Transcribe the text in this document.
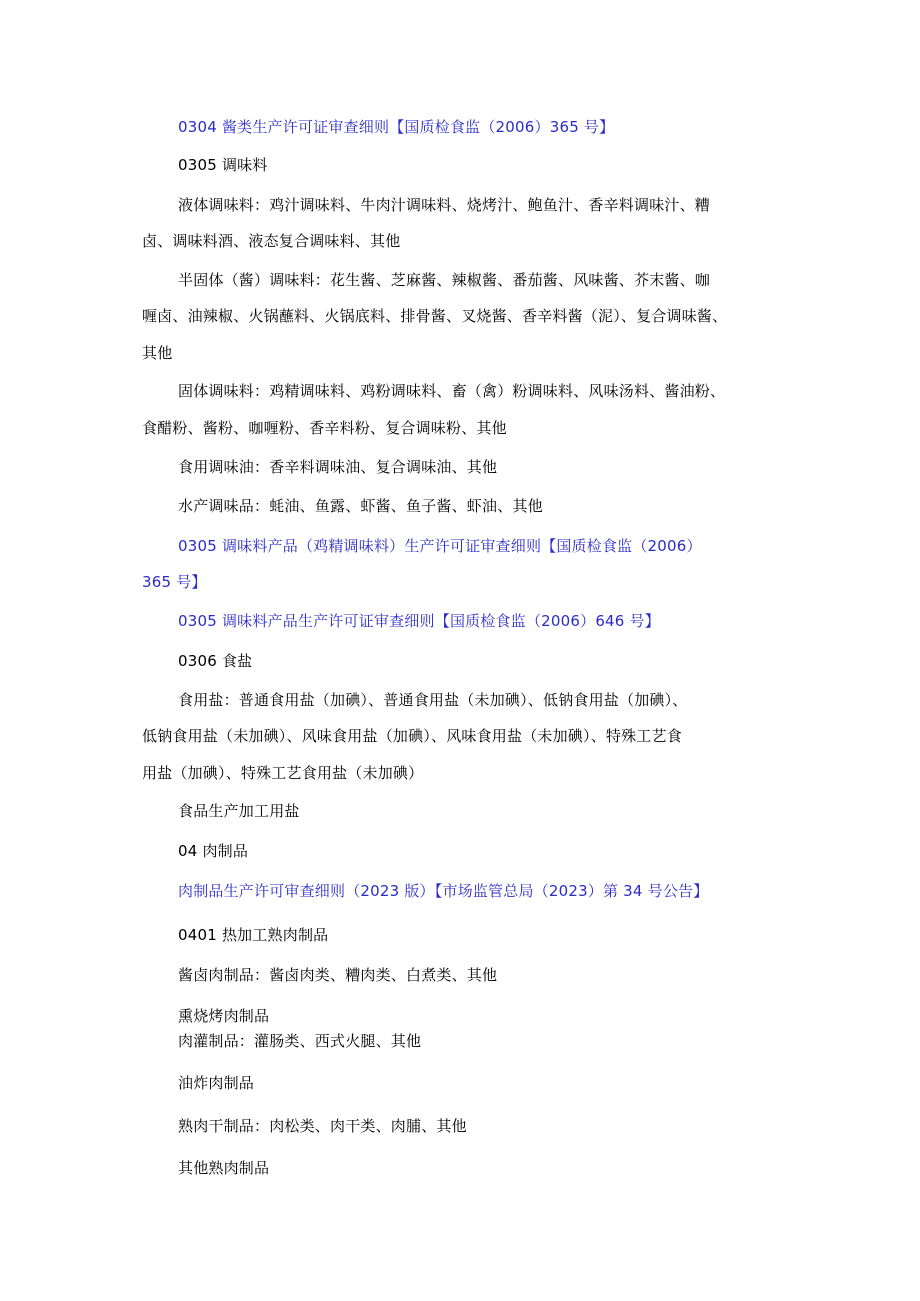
0304 酱类生产许可证审查细则【国质检食监（2006）365 号】
0305 调味料
液体调味料：鸡汁调味料、牛肉汁调味料、烧烤汁、鲍鱼汁、香辛料调味汁、糟
卤、调味料酒、液态复合调味料、其他
半固体（酱）调味料：花生酱、芝麻酱、辣椒酱、番茄酱、风味酱、芥末酱、咖
喱卤、油辣椒、火锅蘸料、火锅底料、排骨酱、叉烧酱、香辛料酱（泥）、复合调味酱、
其他
固体调味料：鸡精调味料、鸡粉调味料、畜（禽）粉调味料、风味汤料、酱油粉、
食醋粉、酱粉、咖喱粉、香辛料粉、复合调味粉、其他
食用调味油：香辛料调味油、复合调味油、其他
水产调味品：蚝油、鱼露、虾酱、鱼子酱、虾油、其他
0305 调味料产品（鸡精调味料）生产许可证审查细则【国质检食监（2006）
365 号】
0305 调味料产品生产许可证审查细则【国质检食监（2006）646 号】
0306 食盐
食用盐：普通食用盐（加碘）、普通食用盐（未加碘）、低钠食用盐（加碘）、
低钠食用盐（未加碘）、风味食用盐（加碘）、风味食用盐（未加碘）、特殊工艺食
用盐（加碘）、特殊工艺食用盐（未加碘）
食品生产加工用盐
04 肉制品
肉制品生产许可审查细则（2023 版）【市场监管总局（2023）第 34 号公告】
0401 热加工熟肉制品
酱卤肉制品：酱卤肉类、糟肉类、白煮类、其他
熏烧烤肉制品
肉灌制品：灌肠类、西式火腿、其他
油炸肉制品
熟肉干制品：肉松类、肉干类、肉脯、其他
其他熟肉制品
